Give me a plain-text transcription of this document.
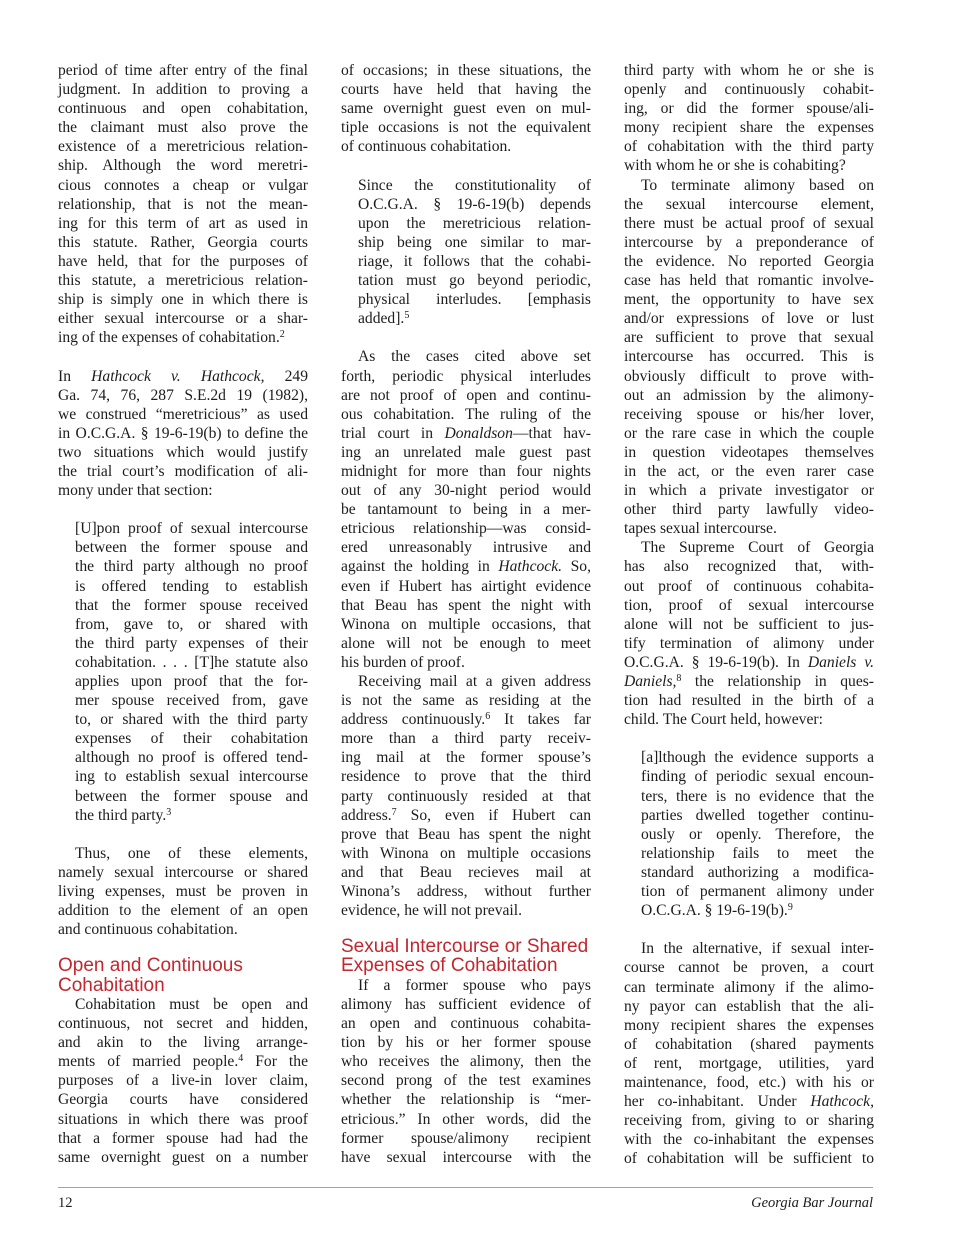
period of time after entry of the final
judgment. In addition to proving a
continuous and open cohabitation,
the claimant must also prove the
existence of a meretricious relation-
ship. Although the word meretri-
cious connotes a cheap or vulgar
relationship, that is not the mean-
ing for this term of art as used in
this statute. Rather, Georgia courts
have held, that for the purposes of
this statute, a meretricious relation-
ship is simply one in which there is
either sexual intercourse or a shar-
ing of the expenses of cohabitation.$^2$
In Hathcock v. Hathcock, 249
Ga. 74, 76, 287 S.E.2d 19 (1982),
we construed “meretricious” as used
in O.C.G.A. § 19-6-19(b) to define the
two situations which would justify
the trial court’s modification of ali-
mony under that section:
[U]pon proof of sexual intercourse
between the former spouse and
the third party although no proof
is offered tending to establish
that the former spouse received
from, gave to, or shared with
the third party expenses of their
cohabitation. . . . [T]he statute also
applies upon proof that the for-
mer spouse received from, gave
to, or shared with the third party
expenses of their cohabitation
although no proof is offered tend-
ing to establish sexual intercourse
between the former spouse and
the third party.$^3$
Thus, one of these elements,
namely sexual intercourse or shared
living expenses, must be proven in
addition to the element of an open
and continuous cohabitation.
Open and Continuous
Cohabitation
Cohabitation must be open and
continuous, not secret and hidden,
and akin to the living arrange-
ments of married people.$^4$ For the
purposes of a live-in lover claim,
Georgia courts have considered
situations in which there was proof
that a former spouse had had the
same overnight guest on a number
of occasions; in these situations, the
courts have held that having the
same overnight guest even on mul-
tiple occasions is not the equivalent
of continuous cohabitation.
Since the constitutionality of
O.C.G.A. § 19-6-19(b) depends
upon the meretricious relation-
ship being one similar to mar-
riage, it follows that the cohabi-
tation must go beyond periodic,
physical interludes. [emphasis
added].$^5$
As the cases cited above set
forth, periodic physical interludes
are not proof of open and continu-
ous cohabitation. The ruling of the
trial court in Donaldson—that hav-
ing an unrelated male guest past
midnight for more than four nights
out of any 30-night period would
be tantamount to being in a mer-
etricious relationship—was consid-
ered unreasonably intrusive and
against the holding in Hathcock. So,
even if Hubert has airtight evidence
that Beau has spent the night with
Winona on multiple occasions, that
alone will not be enough to meet
his burden of proof.
Receiving mail at a given address
is not the same as residing at the
address continuously.$^6$ It takes far
more than a third party receiv-
ing mail at the former spouse’s
residence to prove that the third
party continuously resided at that
address.$^7$ So, even if Hubert can
prove that Beau has spent the night
with Winona on multiple occasions
and that Beau recieves mail at
Winona’s address, without further
evidence, he will not prevail.
Sexual Intercourse or Shared
Expenses of Cohabitation
If a former spouse who pays
alimony has sufficient evidence of
an open and continuous cohabita-
tion by his or her former spouse
who receives the alimony, then the
second prong of the test examines
whether the relationship is “mer-
etricious.” In other words, did the
former spouse/alimony recipient
have sexual intercourse with the
third party with whom he or she is
openly and continuously cohabit-
ing, or did the former spouse/ali-
mony recipient share the expenses
of cohabitation with the third party
with whom he or she is cohabiting?
To terminate alimony based on
the sexual intercourse element,
there must be actual proof of sexual
intercourse by a preponderance of
the evidence. No reported Georgia
case has held that romantic involve-
ment, the opportunity to have sex
and/or expressions of love or lust
are sufficient to prove that sexual
intercourse has occurred. This is
obviously difficult to prove with-
out an admission by the alimony-
receiving spouse or his/her lover,
or the rare case in which the couple
in question videotapes themselves
in the act, or the even rarer case
in which a private investigator or
other third party lawfully video-
tapes sexual intercourse.
The Supreme Court of Georgia
has also recognized that, with-
out proof of continuous cohabita-
tion, proof of sexual intercourse
alone will not be sufficient to jus-
tify termination of alimony under
O.C.G.A. § 19-6-19(b). In Daniels v.
Daniels,$^8$ the relationship in ques-
tion had resulted in the birth of a
child. The Court held, however:
[a]lthough the evidence supports a
finding of periodic sexual encoun-
ters, there is no evidence that the
parties dwelled together continu-
ously or openly. Therefore, the
relationship fails to meet the
standard authorizing a modifica-
tion of permanent alimony under
O.C.G.A. § 19-6-19(b).$^9$
In the alternative, if sexual inter-
course cannot be proven, a court
can terminate alimony if the alimo-
ny payor can establish that the ali-
mony recipient shares the expenses
of cohabitation (shared payments
of rent, mortgage, utilities, yard
maintenance, food, etc.) with his or
her co-inhabitant. Under Hathcock,
receiving from, giving to or sharing
with the co-inhabitant the expenses
of cohabitation will be sufficient to
12	Georgia Bar Journal
